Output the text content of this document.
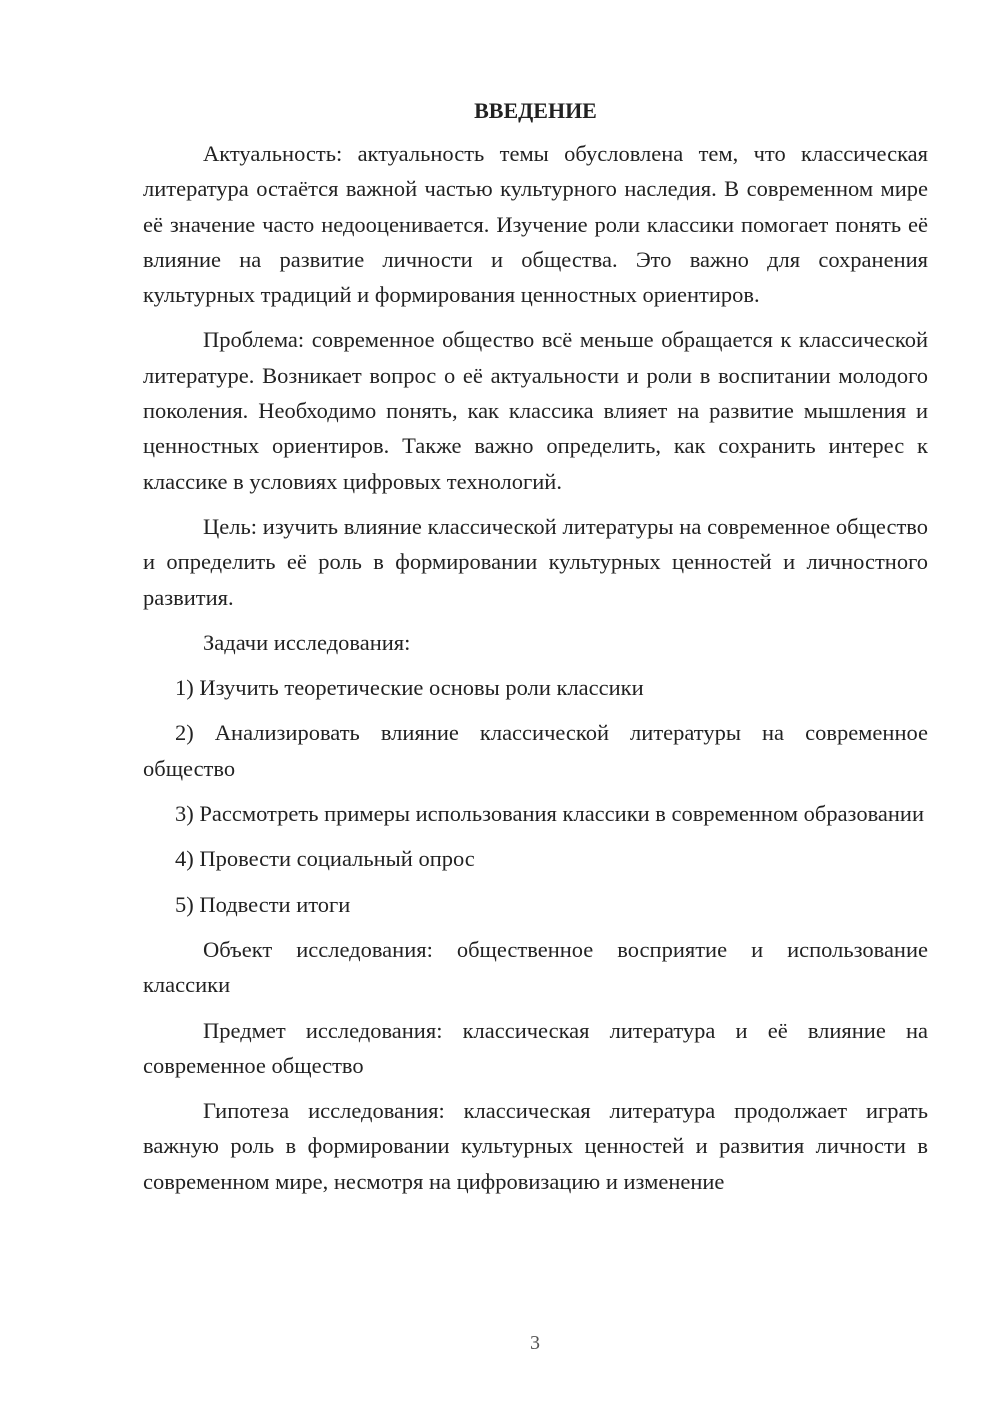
ВВЕДЕНИЕ

Актуальность: актуальность темы обусловлена тем, что классическая литература остаётся важной частью культурного наследия. В современном мире её значение часто недооценивается. Изучение роли классики помогает понять её влияние на развитие личности и общества. Это важно для сохранения культурных традиций и формирования ценностных ориентиров.

Проблема: современное общество всё меньше обращается к классической литературе. Возникает вопрос о её актуальности и роли в воспитании молодого поколения. Необходимо понять, как классика влияет на развитие мышления и ценностных ориентиров. Также важно определить, как сохранить интерес к классике в условиях цифровых технологий.

Цель: изучить влияние классической литературы на современное общество и определить её роль в формировании культурных ценностей и личностного развития.

Задачи исследования:

1) Изучить теоретические основы роли классики

2) Анализировать влияние классической литературы на современное общество

3) Рассмотреть примеры использования классики в современном образовании

4) Провести социальный опрос

5) Подвести итоги

Объект исследования: общественное восприятие и использование классики

Предмет исследования: классическая литература и её влияние на современное общество

Гипотеза исследования: классическая литература продолжает играть важную роль в формировании культурных ценностей и развития личности в современном мире, несмотря на цифровизацию и изменение

3
